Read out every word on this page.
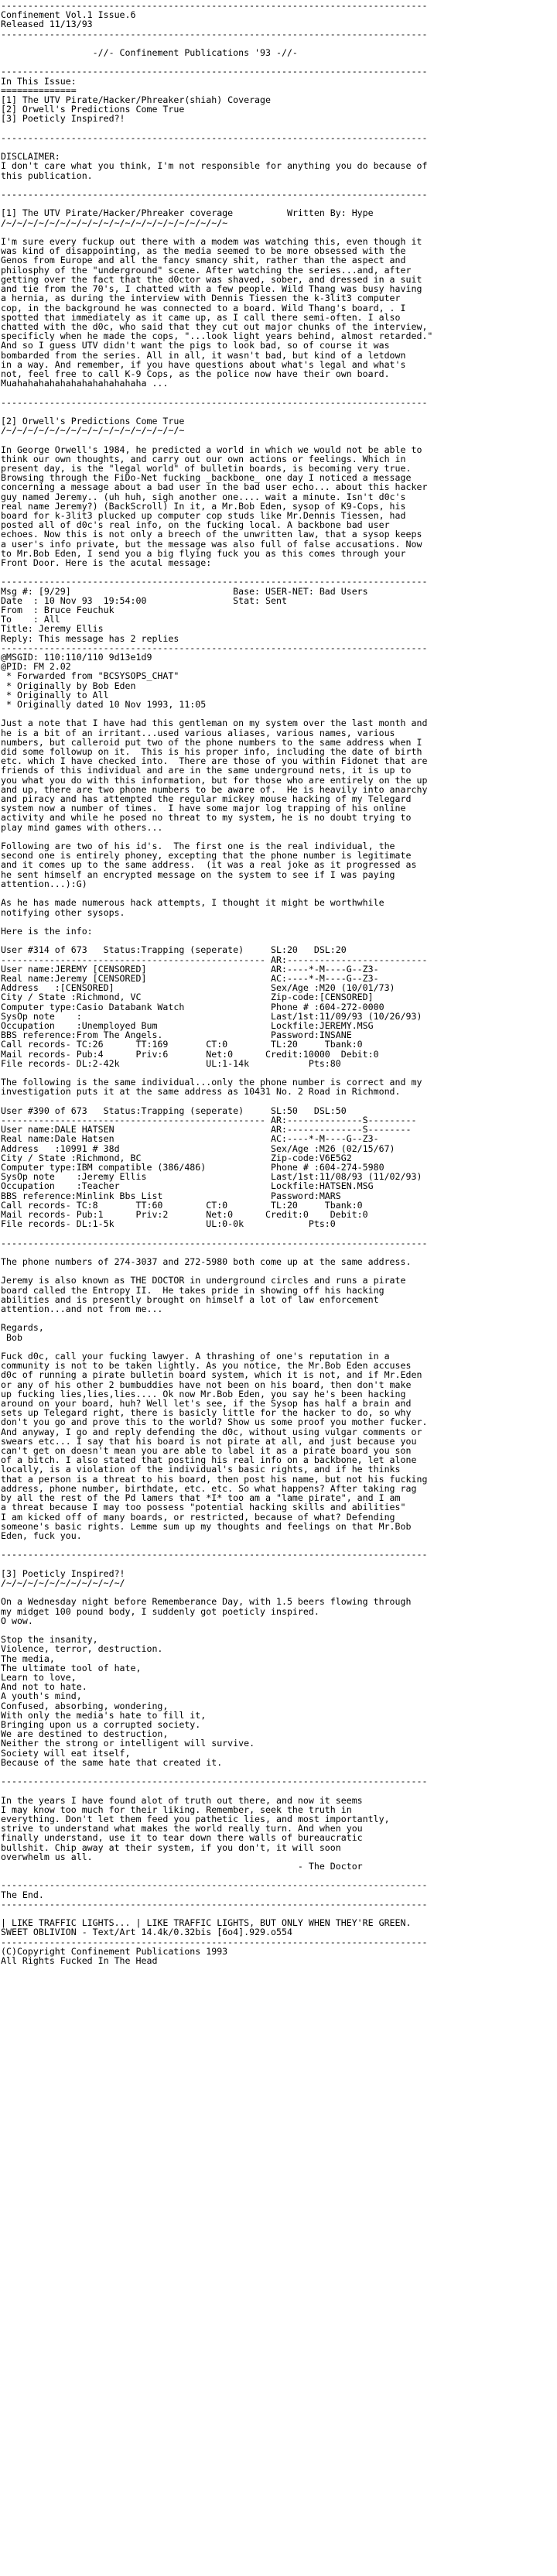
-------------------------------------------------------------------------------
Confinement Vol.1 Issue.6
Released 11/13/93
-------------------------------------------------------------------------------

-//- Confinement Publications '93 -//-

-------------------------------------------------------------------------------
In This Issue:
==============
[1] The UTV Pirate/Hacker/Phreaker(shiah) Coverage
[2] Orwell's Predictions Come True
[3] Poeticly Inspired?!

-------------------------------------------------------------------------------

DISCLAIMER:
I don't care what you think, I'm not responsible for anything you do because of
this publication.

-------------------------------------------------------------------------------

[1] The UTV Pirate/Hacker/Phreaker coverage          Written By: Hype
/~/~/~/~/~/~/~/~/~/~/~/~/~/~/~/~/~/~/~/~/~

I'm sure every fuckup out there with a modem was watching this, even though it
was kind of disappointing, as the media seemed to be more obsessed with the
Genos from Europe and all the fancy smancy shit, rather than the aspect and
philosphy of the "underground" scene. After watching the series...and, after
getting over the fact that the d0ctor was shaved, sober, and dressed in a suit
and tie from the 70's, I chatted with a few people. Wild Thang was busy having
a hernia, as during the interview with Dennis Tiessen the k-3lit3 computer
cop, in the background he was connected to a board. Wild Thang's board, . I
spotted that immediately as it came up, as I call there semi-often. I also
chatted with the d0c, who said that they cut out major chunks of the interview,
specificly when he made the cops, "...look light years behind, almost retarded."
And so I guess UTV didn't want the pigs to look bad, so of course it was
bombarded from the series. All in all, it wasn't bad, but kind of a letdown
in a way. And remember, if you have questions about what's legal and what's
not, feel free to call K-9 Cops, as the police now have their own board.
Muahahahahahahahahahahahaha ...

-------------------------------------------------------------------------------

[2] Orwell's Predictions Come True
/~/~/~/~/~/~/~/~/~/~/~/~/~/~/~/~/~

In George Orwell's 1984, he predicted a world in which we would not be able to
think our own thoughts, and carry out our own actions or feelings. Which in
present day, is the "legal world" of bulletin boards, is becoming very true.
Browsing through the FiDo-Net fucking _backbone_ one day I noticed a message
concerning a message about a bad user in the bad user echo... about this hacker
guy named Jeremy.. (uh huh, sigh another one.... wait a minute. Isn't d0c's
real name Jeremy?) (BackScroll) In it, a Mr.Bob Eden, sysop of K9-Cops, his
board for k-3lit3 plucked up computer cop studs like Mr.Dennis Tiessen, had
posted all of d0c's real info, on the fucking local. A backbone bad user
echoes. Now this is not only a breech of the unwritten law, that a sysop keeps
a user's info private, but the message was also full of false accusations. Now
to Mr.Bob Eden, I send you a big flying fuck you as this comes through your
Front Door. Here is the acutal message:

-------------------------------------------------------------------------------
Msg #: [9/29]                              Base: USER-NET: Bad Users
Date  : 10 Nov 93  19:54:00                Stat: Sent
From  : Bruce Feuchuk
To    : All
Title: Jeremy Ellis
Reply: This message has 2 replies
-------------------------------------------------------------------------------
@MSGID: 110:110/110 9d13e1d9
@PID: FM 2.02
* Forwarded from "BCSYSOPS_CHAT"
* Originally by Bob Eden
* Originally to All
* Originally dated 10 Nov 1993, 11:05

Just a note that I have had this gentleman on my system over the last month and
he is a bit of an irritant...used various aliases, various names, various
numbers, but calleroid put two of the phone numbers to the same address when I
did some followup on it.  This is his proper info, including the date of birth
etc. which I have checked into.  There are those of you within Fidonet that are
friends of this individual and are in the same underground nets, it is up to
you what you do with this information, but for those who are entirely on the up
and up, there are two phone numbers to be aware of.  He is heavily into anarchy
and piracy and has attempted the regular mickey mouse hacking of my Telegard
system now a number of times.  I have some major log trapping of his online
activity and while he posed no threat to my system, he is no doubt trying to
play mind games with others...

Following are two of his id's.  The first one is the real individual, the
second one is entirely phoney, excepting that the phone number is legitimate
and it comes up to the same address.  (it was a real joke as it progressed as
he sent himself an encrypted message on the system to see if I was paying
attention...):G)

As he has made numerous hack attempts, I thought it might be worthwhile
notifying other sysops.

Here is the info:

User #314 of 673   Status:Trapping (seperate)     SL:20   DSL:20
------------------------------------------------- AR:--------------------------
User name:JEREMY [CENSORED]                       AR:----*-M----G--Z3-
Real name:Jeremy [CENSORED]                       AC:----*-M----G--Z3-
Address   :[CENSORED]                             Sex/Age :M20 (10/01/73)
City / State :Richmond, VC                        Zip-code:[CENSORED]
Computer type:Casio Databank Watch                Phone # :604-272-0000
SysOp note    :                                   Last/1st:11/09/93 (10/26/93)
Occupation    :Unemployed Bum                     Lockfile:JEREMY.MSG
BBS reference:From The Angels.                    Password:INSANE
Call records- TC:26      TT:169       CT:0        TL:20     Tbank:0
Mail records- Pub:4      Priv:6       Net:0      Credit:10000  Debit:0
File records- DL:2-42k                UL:1-14k           Pts:80

The following is the same individual...only the phone number is correct and my
investigation puts it at the same address as 10431 No. 2 Road in Richmond.

User #390 of 673   Status:Trapping (seperate)     SL:50   DSL:50
------------------------------------------------- AR:--------------S---------
User name:DALE HATSEN                             AR:--------------S--------
Real name:Dale Hatsen                             AC:----*-M----G--Z3-
Address   :10991 # 38d                            Sex/Age :M26 (02/15/67)
City / State :Richmond, BC                        Zip-code:V6E5G2
Computer type:IBM compatible (386/486)            Phone # :604-274-5980
SysOp note    :Jeremy Ellis                       Last/1st:11/08/93 (11/02/93)
Occupation    :Teacher                            Lockfile:HATSEN.MSG
BBS reference:Minlink Bbs List                    Password:MARS
Call records- TC:8       TT:60        CT:0        TL:20     Tbank:0
Mail records- Pub:1      Priv:2       Net:0      Credit:0    Debit:0
File records- DL:1-5k                 UL:0-0k            Pts:0

-------------------------------------------------------------------------------

The phone numbers of 274-3037 and 272-5980 both come up at the same address.

Jeremy is also known as THE DOCTOR in underground circles and runs a pirate
board called the Entropy II.  He takes pride in showing off his hacking
abilities and is presently brought on himself a lot of law enforcement
attention...and not from me...

Regards,
Bob

Fuck d0c, call your fucking lawyer. A thrashing of one's reputation in a
community is not to be taken lightly. As you notice, the Mr.Bob Eden accuses
d0c of running a pirate bulletin board system, which it is not, and if Mr.Eden
or any of his other 2 bumbuddies have not been on his board, then don't make
up fucking lies,lies,lies.... Ok now Mr.Bob Eden, you say he's been hacking
around on your board, huh? Well let's see, if the Sysop has half a brain and
sets up Telegard right, there is basicly little for the hacker to do, so why
don't you go and prove this to the world? Show us some proof you mother fucker.
And anyway, I go and reply defending the d0c, without using vulgar comments or
swears etc... I say that his board is not pirate at all, and just because you
can't get on doesn't mean you are able to label it as a pirate board you son
of a bitch. I also stated that posting his real info on a backbone, let alone
locally, is a violation of the individual's basic rights, and if he thinks
that a person is a threat to his board, then post his name, but not his fucking
address, phone number, birthdate, etc. etc. So what happens? After taking rag
by all the rest of the Pd lamers that *I* too am a "lame pirate", and I am
a threat because I may too possess "potential hacking skills and abilities"
I am kicked off of many boards, or restricted, because of what? Defending
someone's basic rights. Lemme sum up my thoughts and feelings on that Mr.Bob
Eden, fuck you.

-------------------------------------------------------------------------------

[3] Poeticly Inspired?!
/~/~/~/~/~/~/~/~/~/~/~/

On a Wednesday night before Rememberance Day, with 1.5 beers flowing through
my midget 100 pound body, I suddenly got poeticly inspired.
O wow.

Stop the insanity,
Violence, terror, destruction.
The media,
The ultimate tool of hate,
Learn to love,
And not to hate.
A youth's mind,
Confused, absorbing, wondering,
With only the media's hate to fill it,
Bringing upon us a corrupted society.
We are destined to destruction,
Neither the strong or intelligent will survive.
Society will eat itself,
Because of the same hate that created it.

-------------------------------------------------------------------------------

In the years I have found alot of truth out there, and now it seems
I may know too much for their liking. Remember, seek the truth in
everything. Don't let them feed you pathetic lies, and most importantly,
strive to understand what makes the world really turn. And when you
finally understand, use it to tear down there walls of bureaucratic
bullshit. Chip away at their system, if you don't, it will soon
overwhelm us all.
- The Doctor

-------------------------------------------------------------------------------
The End.
-------------------------------------------------------------------------------

| LIKE TRAFFIC LIGHTS... | LIKE TRAFFIC LIGHTS, BUT ONLY WHEN THEY'RE GREEN.
SWEET OBLIVION - Text/Art 14.4k/0.32bis [6o4].929.o554
-------------------------------------------------------------------------------
(C)Copyright Confinement Publications 1993
All Rights Fucked In The Head
